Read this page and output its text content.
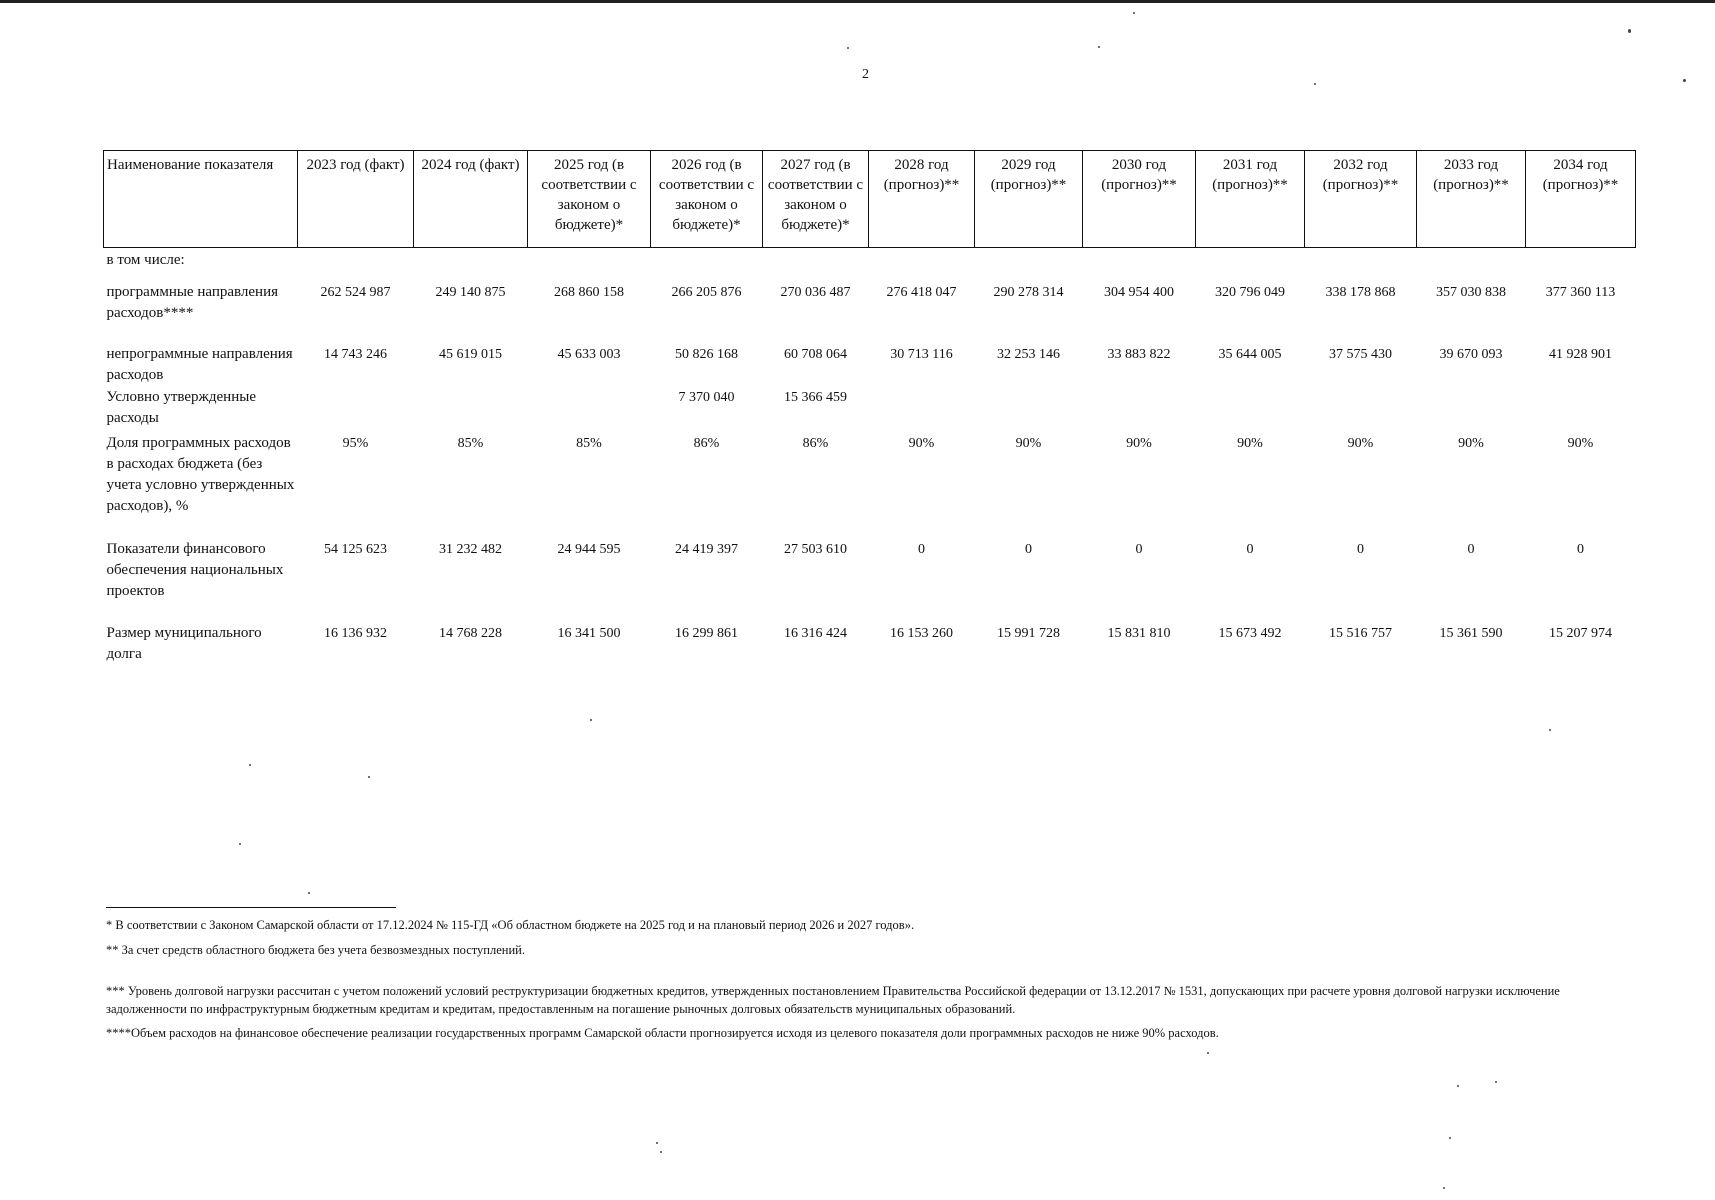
2
Наименование показателя	2023 год (факт)	2024 год (факт)	2025 год (в соответствии с законом о бюджете)*	2026 год (в соответствии с законом о бюджете)*	2027 год (в соответствии с законом о бюджете)*	2028 год (прогноз)**	2029 год (прогноз)**	2030 год (прогноз)**	2031 год (прогноз)**	2032 год (прогноз)**	2033 год (прогноз)**	2034 год (прогноз)**
в том числе:												
программные направления расходов****	262 524 987	249 140 875	268 860 158	266 205 876	270 036 487	276 418 047	290 278 314	304 954 400	320 796 049	338 178 868	357 030 838	377 360 113
непрограммные направления расходов	14 743 246	45 619 015	45 633 003	50 826 168	60 708 064	30 713 116	32 253 146	33 883 822	35 644 005	37 575 430	39 670 093	41 928 901
Условно утвержденные расходы				7 370 040	15 366 459							
Доля программных расходов в расходах бюджета (без учета условно утвержденных расходов), %	95%	85%	85%	86%	86%	90%	90%	90%	90%	90%	90%	90%
Показатели финансового обеспечения национальных проектов	54 125 623	31 232 482	24 944 595	24 419 397	27 503 610	0	0	0	0	0	0	0
Размер муниципального долга	16 136 932	14 768 228	16 341 500	16 299 861	16 316 424	16 153 260	15 991 728	15 831 810	15 673 492	15 516 757	15 361 590	15 207 974

* В соответствии с Законом Самарской области от 17.12.2024 № 115-ГД «Об областном бюджете на 2025 год и на плановый период 2026 и 2027 годов».

** За счет средств областного бюджета без учета безвозмездных поступлений.

*** Уровень долговой нагрузки рассчитан с учетом положений условий реструктуризации бюджетных кредитов, утвержденных постановлением Правительства Российской федерации от 13.12.2017 № 1531, допускающих при расчете уровня долговой нагрузки исключение задолженности по инфраструктурным бюджетным кредитам и кредитам, предоставленным на погашение рыночных долговых обязательств муниципальных образований.

****Объем расходов на финансовое обеспечение реализации государственных программ Самарской области прогнозируется исходя из целевого показателя доли программных расходов не ниже 90% расходов.
